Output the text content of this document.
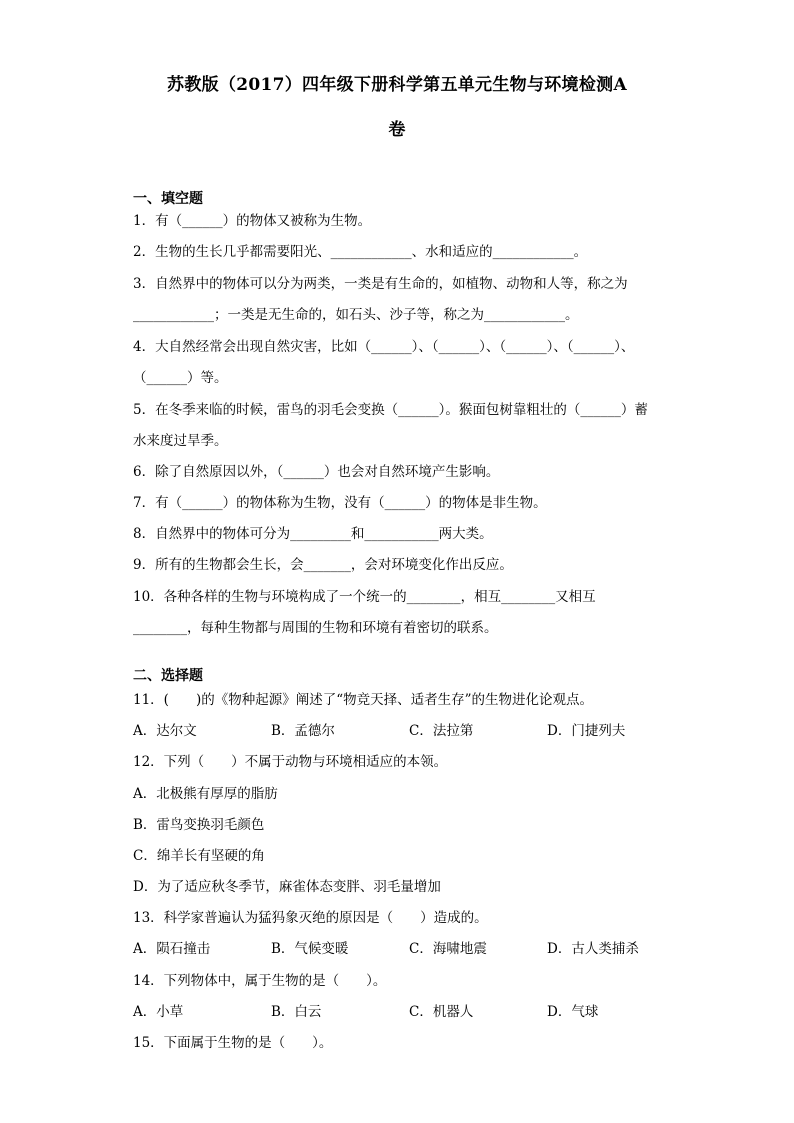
苏教版（2017）四年级下册科学第五单元生物与环境检测A
卷
一、填空题
1．有（______）的物体又被称为生物。
2．生物的生长几乎都需要阳光、____________、水和适应的____________。
3．自然界中的物体可以分为两类，一类是有生命的，如植物、动物和人等，称之为
____________；一类是无生命的，如石头、沙子等，称之为____________。
4．大自然经常会出现自然灾害，比如（______）、（______）、（______）、（______）、
（______）等。
5．在冬季来临的时候，雷鸟的羽毛会变换（______）。猴面包树靠粗壮的（______）蓄
水来度过旱季。
6．除了自然原因以外，（______）也会对自然环境产生影响。
7．有（______）的物体称为生物，没有（______）的物体是非生物。
8．自然界中的物体可分为_________和___________两大类。
9．所有的生物都会生长，会_______，会对环境变化作出反应。
10．各种各样的生物与环境构成了一个统一的________，相互________又相互
________，每种生物都与周围的生物和环境有着密切的联系。
二、选择题
11．(　　)的《物种起源》阐述了“物竞天择、适者生存”的生物进化论观点。
A．达尔文	B．孟德尔	C．法拉第	D．门捷列夫
12．下列（　　）不属于动物与环境相适应的本领。
A．北极熊有厚厚的脂肪
B．雷鸟变换羽毛颜色
C．绵羊长有坚硬的角
D．为了适应秋冬季节，麻雀体态变胖、羽毛量增加
13．科学家普遍认为猛犸象灭绝的原因是（　　）造成的。
A．陨石撞击	B．气候变暖	C．海啸地震	D．古人类捕杀
14．下列物体中，属于生物的是（　　）。
A．小草	B．白云	C．机器人	D．气球
15．下面属于生物的是（　　）。
